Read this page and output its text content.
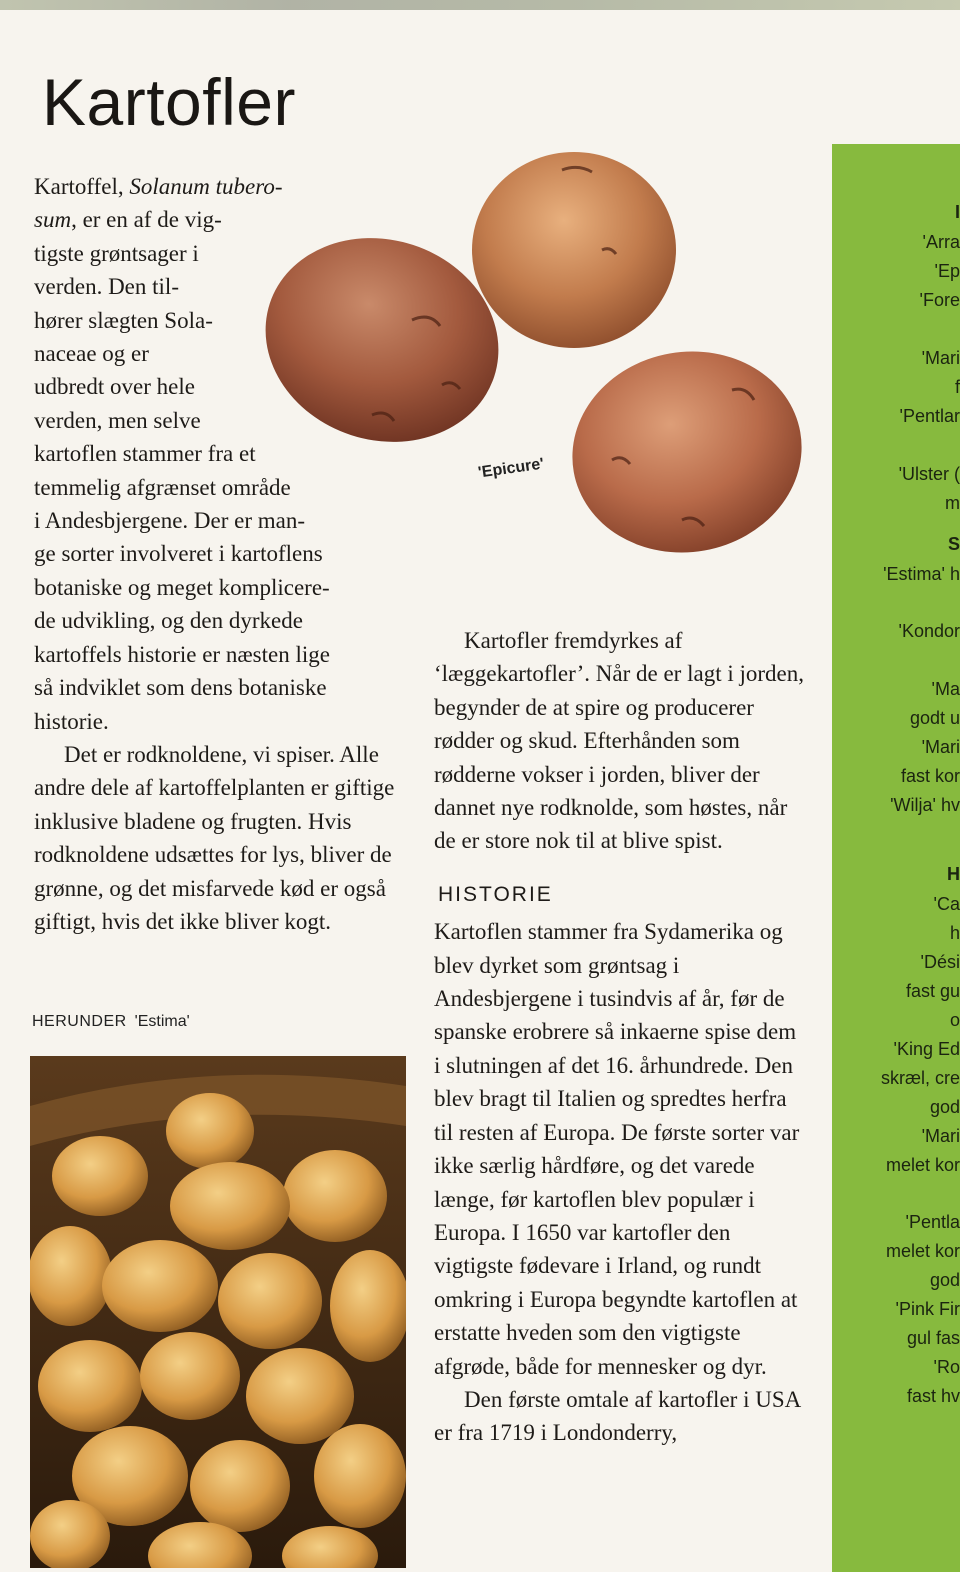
Kartofler
'Epicure'

Kartoffel, Solanum tubero-
sum, er en af de vig-
tigste grøntsager i
verden. Den til-
hører slægten Sola-
naceae og er
udbredt over hele
verden, men selve
kartoflen stammer fra et
temmelig afgrænset område
i Andesbjergene. Der er man-
ge sorter involveret i kartoflens
botaniske og meget komplicere-
de udvikling, og den dyrkede
kartoffels historie er næsten lige
så indviklet som dens botaniske
historie.

Det er rodknoldene, vi spiser. Alle andre dele af kartoffelplanten er giftige inklusive bladene og frugten. Hvis rodknoldene udsættes for lys, bliver de grønne, og det misfarvede kød er også giftigt, hvis det ikke bliver kogt.

HERUNDER 'Estima'

Kartofler fremdyrkes af ‘læggekartofler’. Når de er lagt i jorden, begynder de at spire og producerer rødder og skud. Efterhånden som rødderne vokser i jorden, bliver der dannet nye rodknolde, som høstes, når de er store nok til at blive spist.

HISTORIE

Kartoflen stammer fra Sydamerika og blev dyrket som grøntsag i Andesbjergene i tusindvis af år, før de spanske erobrere så inkaerne spise dem i slutningen af det 16. århundrede. Den blev bragt til Italien og spredtes herfra til resten af Europa. De første sorter var ikke særlig hårdføre, og det varede længe, før kartoflen blev populær i Europa. I 1650 var kartofler den vigtigste fødevare i Irland, og rundt omkring i Europa begyndte kartoflen at erstatte hveden som den vigtigste afgrøde, både for mennesker og dyr.

Den første omtale af kartofler i USA er fra 1719 i Londonderry,

I
'Arra
'Ep
'Fore
'Mari
f
'Pentlar
'Ulster (
m
S
'Estima' h
'Kondor
'Ma
godt u
'Mari
fast kor
'Wilja' hv
H
'Ca
h
'Dési
fast gu
o
'King Ed
skræl, cre
god
'Mari
melet kor
'Pentla
melet kor
god
'Pink Fir
gul fas
'Ro
fast hv
